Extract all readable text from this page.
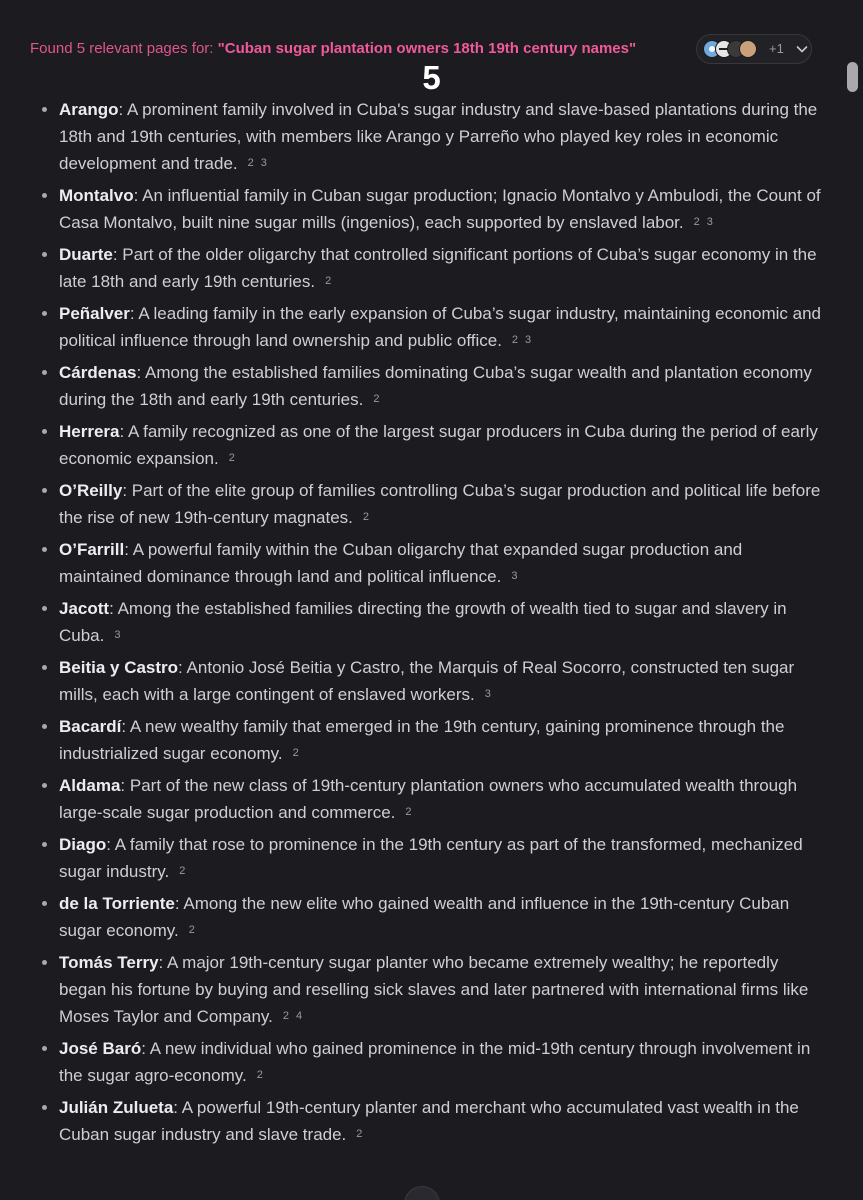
Found 5 relevant pages for: "Cuban sugar plantation owners 18th 19th century names"	+1
5
Arango: A prominent family involved in Cuba's sugar industry and slave-based plantations during the 18th and 19th centuries, with members like Arango y Parreño who played key roles in economic development and trade. 2 3
Montalvo: An influential family in Cuban sugar production; Ignacio Montalvo y Ambulodi, the Count of Casa Montalvo, built nine sugar mills (ingenios), each supported by enslaved labor. 2 3
Duarte: Part of the older oligarchy that controlled significant portions of Cuba’s sugar economy in the late 18th and early 19th centuries. 2
Peñalver: A leading family in the early expansion of Cuba’s sugar industry, maintaining economic and political influence through land ownership and public office. 2 3
Cárdenas: Among the established families dominating Cuba’s sugar wealth and plantation economy during the 18th and early 19th centuries. 2
Herrera: A family recognized as one of the largest sugar producers in Cuba during the period of early economic expansion. 2
O’Reilly: Part of the elite group of families controlling Cuba’s sugar production and political life before the rise of new 19th-century magnates. 2
O’Farrill: A powerful family within the Cuban oligarchy that expanded sugar production and maintained dominance through land and political influence. 3
Jacott: Among the established families directing the growth of wealth tied to sugar and slavery in Cuba. 3
Beitia y Castro: Antonio José Beitia y Castro, the Marquis of Real Socorro, constructed ten sugar mills, each with a large contingent of enslaved workers. 3
Bacardí: A new wealthy family that emerged in the 19th century, gaining prominence through the industrialized sugar economy. 2
Aldama: Part of the new class of 19th-century plantation owners who accumulated wealth through large-scale sugar production and commerce. 2
Diago: A family that rose to prominence in the 19th century as part of the transformed, mechanized sugar industry. 2
de la Torriente: Among the new elite who gained wealth and influence in the 19th-century Cuban sugar economy. 2
Tomás Terry: A major 19th-century sugar planter who became extremely wealthy; he reportedly began his fortune by buying and reselling sick slaves and later partnered with international firms like Moses Taylor and Company. 2 4
José Baró: A new individual who gained prominence in the mid-19th century through involvement in the sugar agro-economy. 2
Julián Zulueta: A powerful 19th-century planter and merchant who accumulated vast wealth in the Cuban sugar industry and slave trade. 2
